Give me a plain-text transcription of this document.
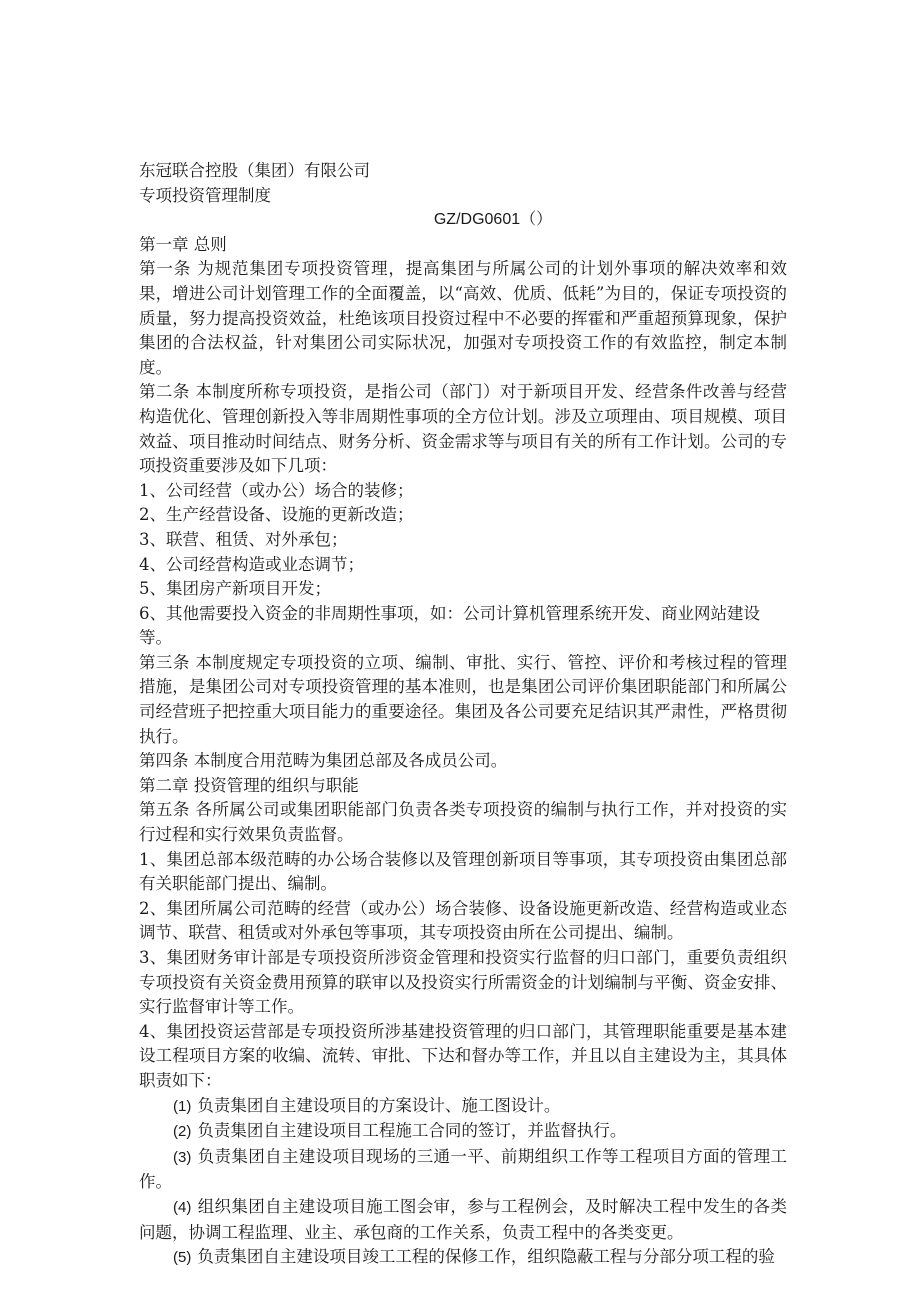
东冠联合控股（集团）有限公司

专项投资管理制度

GZ/DG0601（）

第一章 总则

第一条 为规范集团专项投资管理，提高集团与所属公司的计划外事项的解决效率和效果，增进公司计划管理工作的全面覆盖，以“高效、优质、低耗”为目的，保证专项投资的质量，努力提高投资效益，杜绝该项目投资过程中不必要的挥霍和严重超预算现象，保护集团的合法权益，针对集团公司实际状况，加强对专项投资工作的有效监控，制定本制度。

第二条 本制度所称专项投资，是指公司（部门）对于新项目开发、经营条件改善与经营构造优化、管理创新投入等非周期性事项的全方位计划。涉及立项理由、项目规模、项目效益、项目推动时间结点、财务分析、资金需求等与项目有关的所有工作计划。公司的专项投资重要涉及如下几项：

1、公司经营（或办公）场合的装修；

2、生产经营设备、设施的更新改造；

3、联营、租赁、对外承包；

4、公司经营构造或业态调节；

5、集团房产新项目开发；

6、其他需要投入资金的非周期性事项，如：公司计算机管理系统开发、商业网站建设等。

第三条 本制度规定专项投资的立项、编制、审批、实行、管控、评价和考核过程的管理措施，是集团公司对专项投资管理的基本准则，也是集团公司评价集团职能部门和所属公司经营班子把控重大项目能力的重要途径。集团及各公司要充足结识其严肃性，严格贯彻执行。

第四条 本制度合用范畴为集团总部及各成员公司。

第二章 投资管理的组织与职能

第五条 各所属公司或集团职能部门负责各类专项投资的编制与执行工作，并对投资的实行过程和实行效果负责监督。

1、集团总部本级范畴的办公场合装修以及管理创新项目等事项，其专项投资由集团总部有关职能部门提出、编制。

2、集团所属公司范畴的经营（或办公）场合装修、设备设施更新改造、经营构造或业态调节、联营、租赁或对外承包等事项，其专项投资由所在公司提出、编制。

3、集团财务审计部是专项投资所涉资金管理和投资实行监督的归口部门，重要负责组织专项投资有关资金费用预算的联审以及投资实行所需资金的计划编制与平衡、资金安排、实行监督审计等工作。

4、集团投资运营部是专项投资所涉基建投资管理的归口部门，其管理职能重要是基本建设工程项目方案的收编、流转、审批、下达和督办等工作，并且以自主建设为主，其具体职责如下：

(1) 负责集团自主建设项目的方案设计、施工图设计。

(2) 负责集团自主建设项目工程施工合同的签订，并监督执行。

(3) 负责集团自主建设项目现场的三通一平、前期组织工作等工程项目方面的管理工作。

(4) 组织集团自主建设项目施工图会审，参与工程例会，及时解决工程中发生的各类问题，协调工程监理、业主、承包商的工作关系，负责工程中的各类变更。

(5) 负责集团自主建设项目竣工工程的保修工作，组织隐蔽工程与分部分项工程的验
